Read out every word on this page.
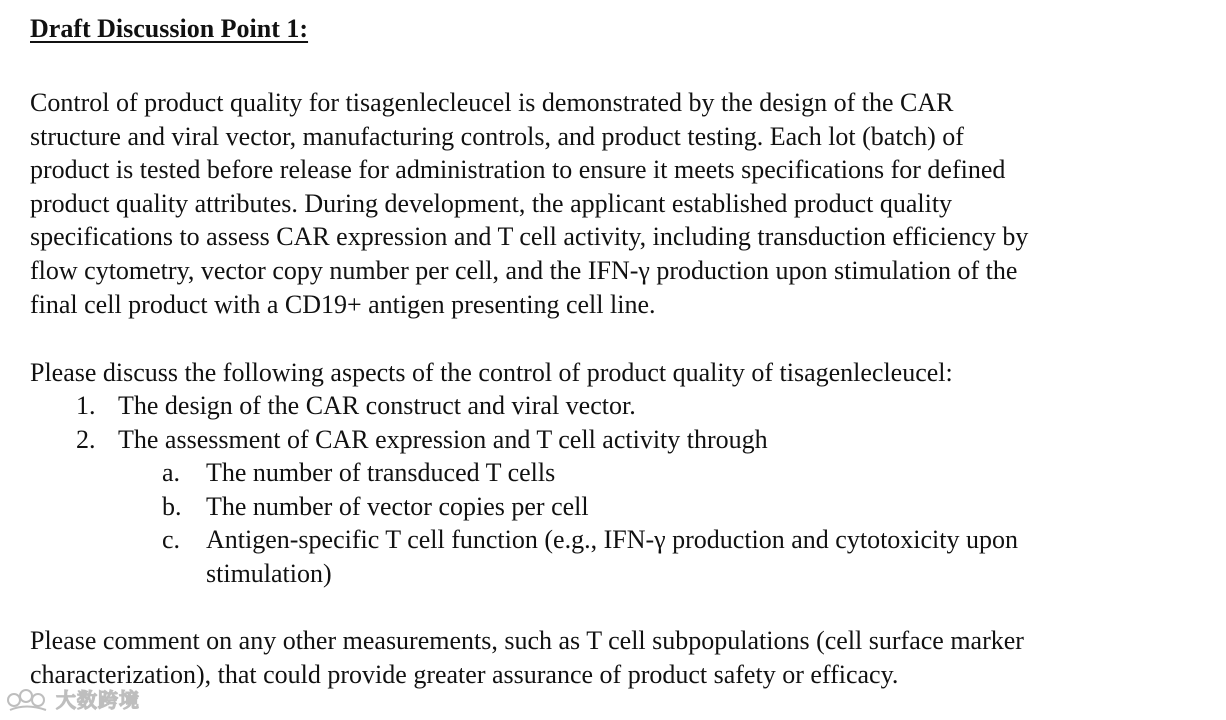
Draft Discussion Point 1:
Control of product quality for tisagenlecleucel is demonstrated by the design of the CAR
structure and viral vector, manufacturing controls, and product testing. Each lot (batch) of
product is tested before release for administration to ensure it meets specifications for defined
product quality attributes. During development, the applicant established product quality
specifications to assess CAR expression and T cell activity, including transduction efficiency by
flow cytometry, vector copy number per cell, and the IFN-γ production upon stimulation of the
final cell product with a CD19+ antigen presenting cell line.
Please discuss the following aspects of the control of product quality of tisagenlecleucel:
1. The design of the CAR construct and viral vector.
2. The assessment of CAR expression and T cell activity through
a. The number of transduced T cells
b. The number of vector copies per cell
c. Antigen-specific T cell function (e.g., IFN-γ production and cytotoxicity upon
stimulation)
Please comment on any other measurements, such as T cell subpopulations (cell surface marker
characterization), that could provide greater assurance of product safety or efficacy.
大数跨境
